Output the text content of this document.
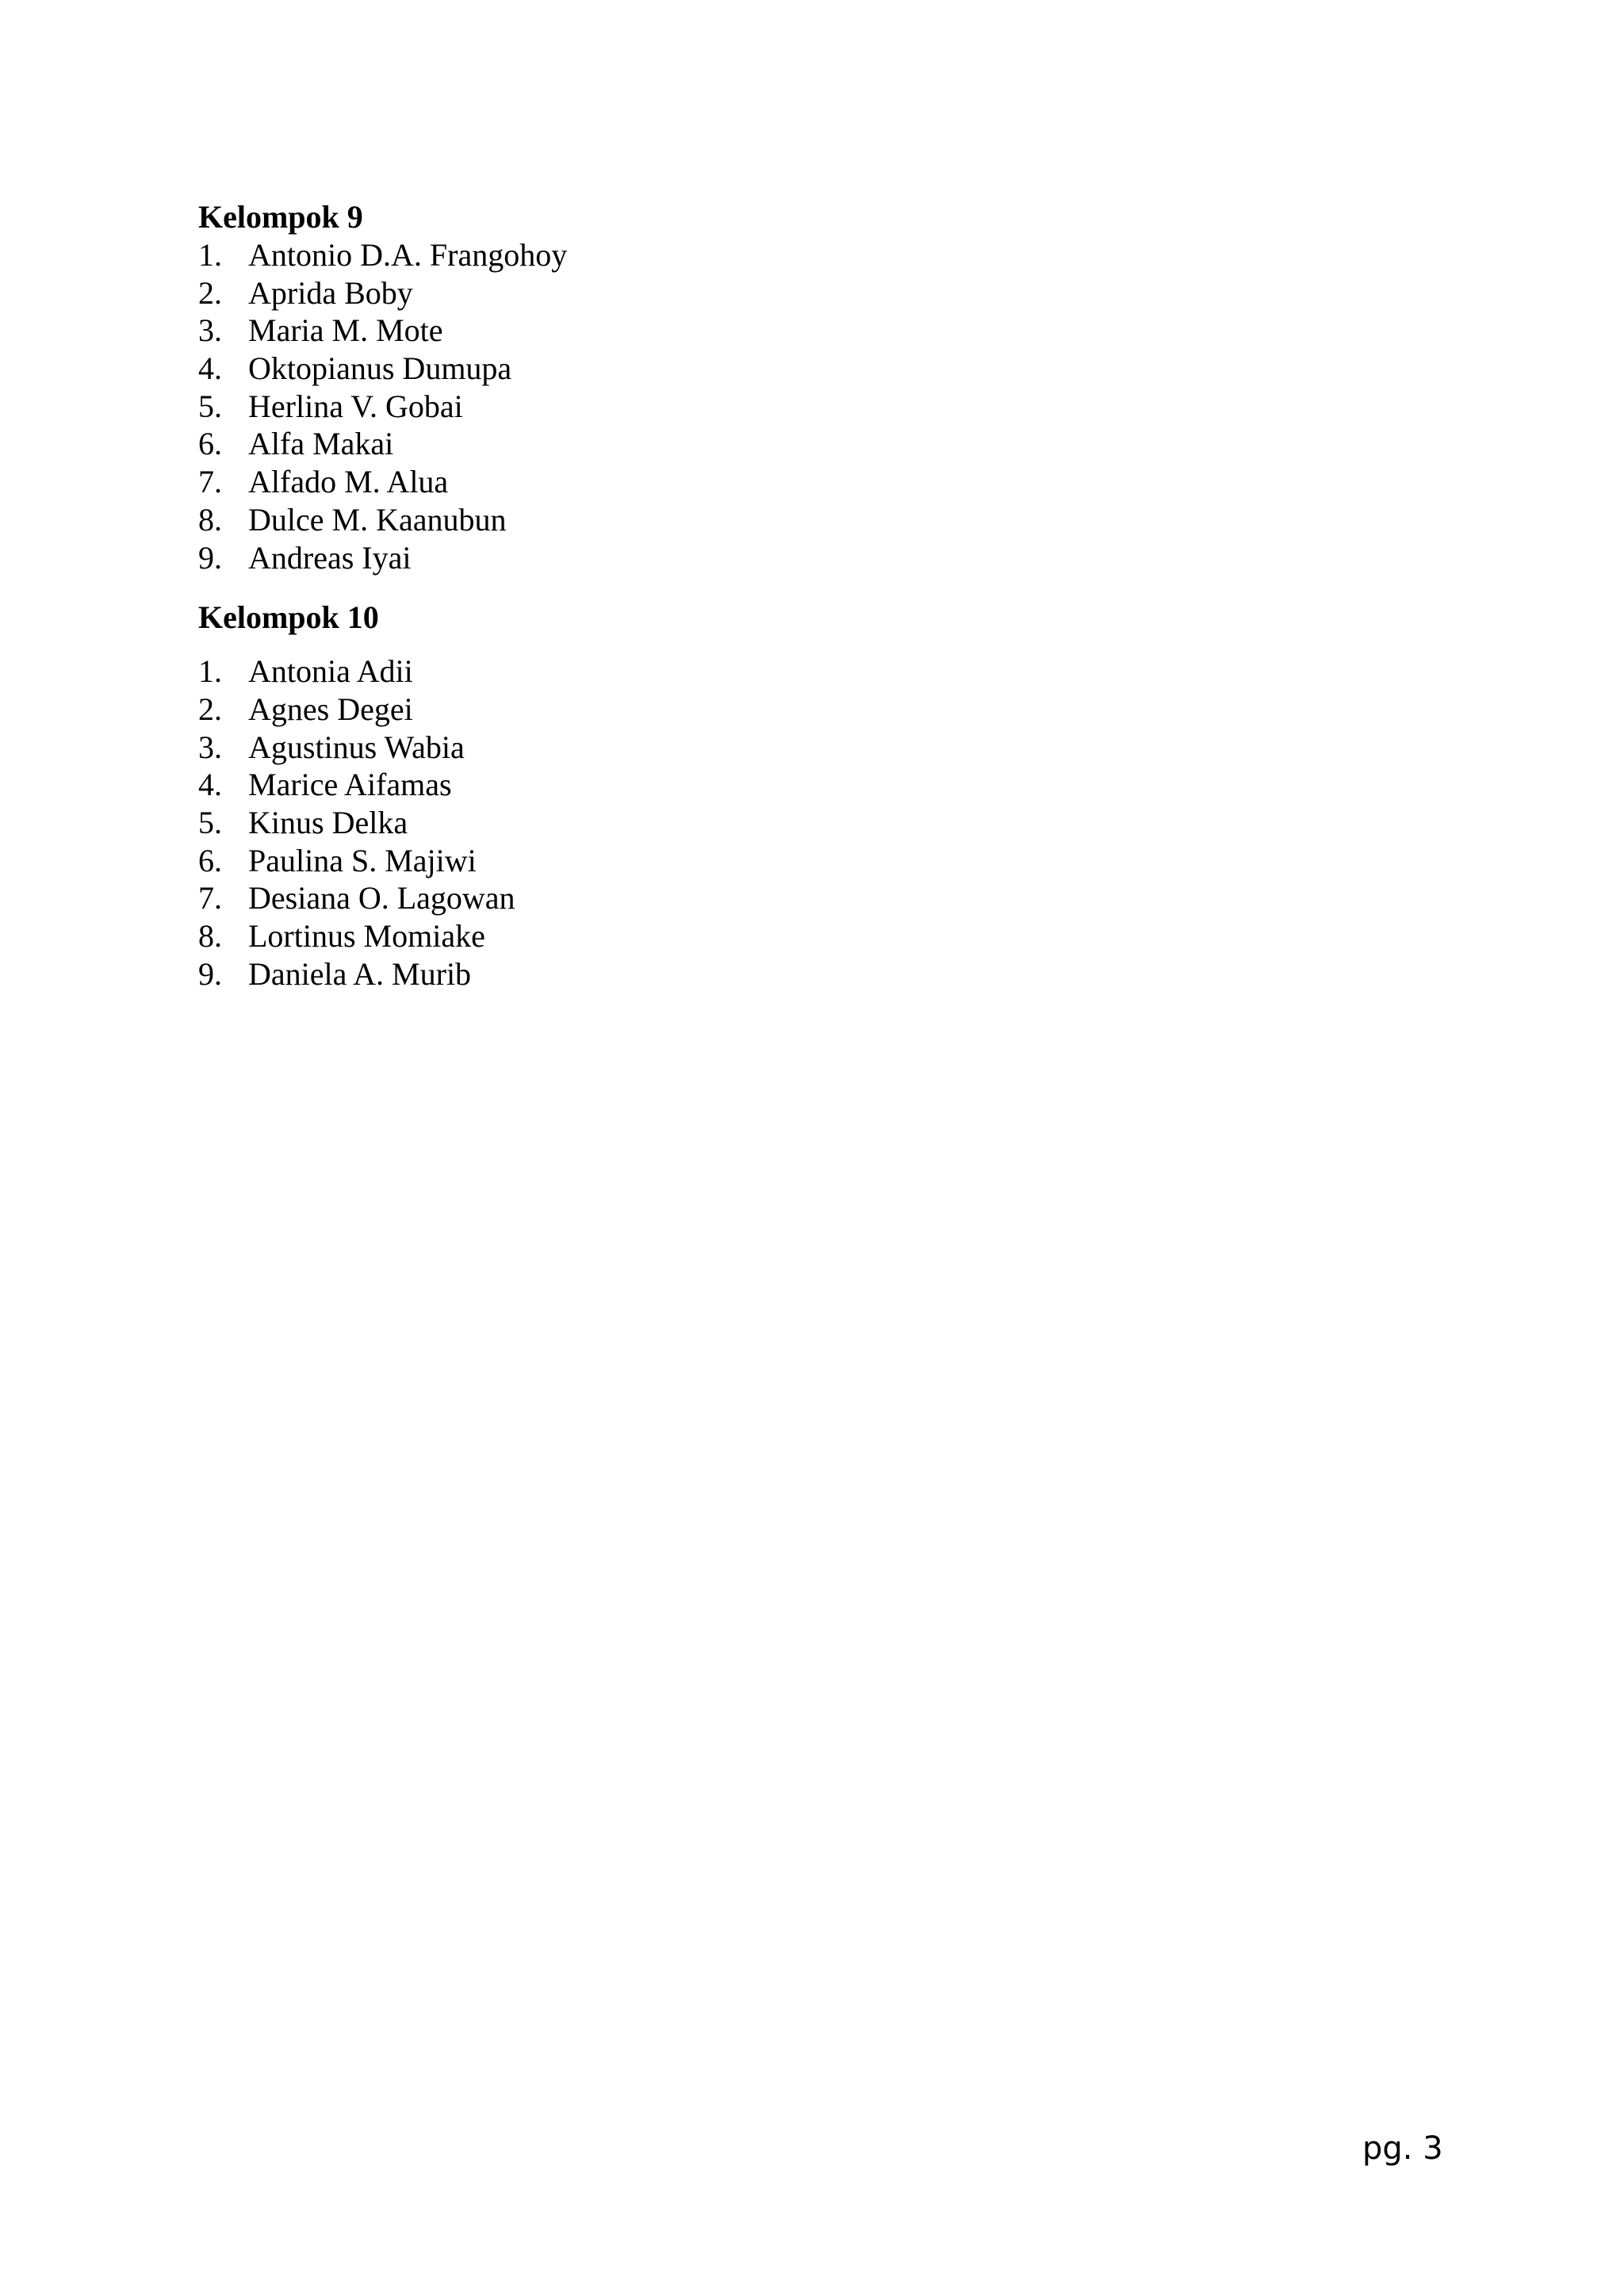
Kelompok 9
1. Antonio D.A. Frangohoy
2. Aprida Boby
3. Maria M. Mote
4. Oktopianus Dumupa
5. Herlina V. Gobai
6. Alfa Makai
7. Alfado M. Alua
8. Dulce M. Kaanubun
9. Andreas Iyai
Kelompok 10
1. Antonia Adii
2. Agnes Degei
3. Agustinus Wabia
4. Marice Aifamas
5. Kinus Delka
6. Paulina S. Majiwi
7. Desiana O. Lagowan
8. Lortinus Momiake
9. Daniela A. Murib
pg. 3
